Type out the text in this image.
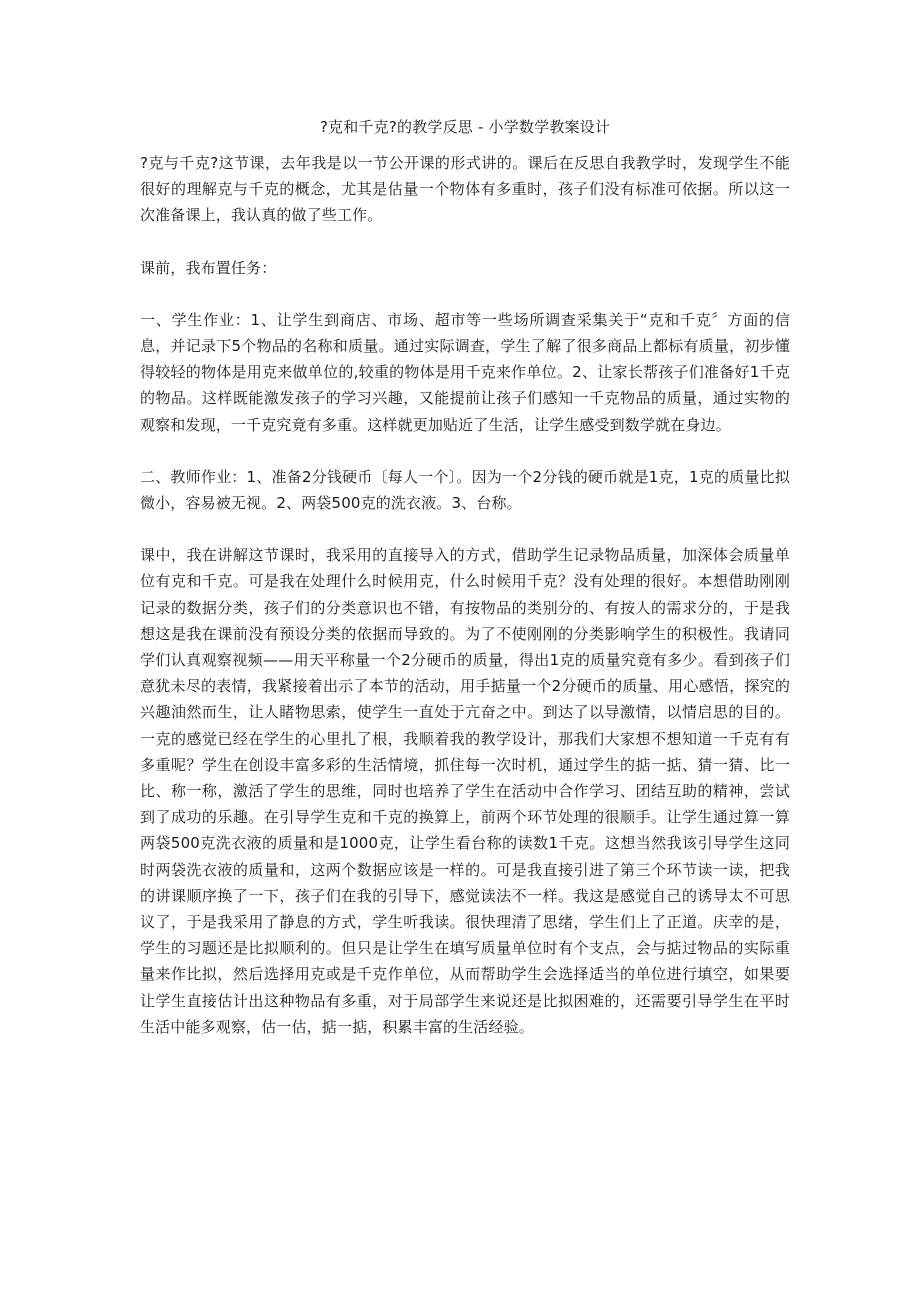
?克和千克?的教学反思 - 小学数学教案设计

?克与千克?这节课，去年我是以一节公开课的形式讲的。课后在反思自我教学时，发现学生不能很好的理解克与千克的概念，尤其是估量一个物体有多重时，孩子们没有标准可依据。所以这一次准备课上，我认真的做了些工作。

课前，我布置任务：

一、学生作业：1、让学生到商店、市场、超市等一些场所调查采集关于“克和千克〞方面的信息，并记录下5个物品的名称和质量。通过实际调查，学生了解了很多商品上都标有质量，初步懂得较轻的物体是用克来做单位的,较重的物体是用千克来作单位。2、让家长帮孩子们准备好1千克的物品。这样既能激发孩子的学习兴趣，又能提前让孩子们感知一千克物品的质量，通过实物的观察和发现，一千克究竟有多重。这样就更加贴近了生活，让学生感受到数学就在身边。

二、教师作业：1、准备2分钱硬币〔每人一个〕。因为一个2分钱的硬币就是1克，1克的质量比拟微小，容易被无视。2、两袋500克的洗衣液。3、台称。

课中，我在讲解这节课时，我采用的直接导入的方式，借助学生记录物品质量，加深体会质量单位有克和千克。可是我在处理什么时候用克，什么时候用千克？没有处理的很好。本想借助刚刚记录的数据分类，孩子们的分类意识也不错，有按物品的类别分的、有按人的需求分的，于是我想这是我在课前没有预设分类的依据而导致的。为了不使刚刚的分类影响学生的积极性。我请同学们认真观察视频——用天平称量一个2分硬币的质量，得出1克的质量究竟有多少。看到孩子们意犹未尽的表情，我紧接着出示了本节的活动，用手掂量一个2分硬币的质量、用心感悟，探究的兴趣油然而生，让人睹物思索，使学生一直处于亢奋之中。到达了以导激情，以情启思的目的。一克的感觉已经在学生的心里扎了根，我顺着我的教学设计，那我们大家想不想知道一千克有有多重呢？学生在创设丰富多彩的生活情境，抓住每一次时机，通过学生的掂一掂、猜一猜、比一比、称一称，激活了学生的思维，同时也培养了学生在活动中合作学习、团结互助的精神，尝试到了成功的乐趣。在引导学生克和千克的换算上，前两个环节处理的很顺手。让学生通过算一算两袋500克洗衣液的质量和是1000克，让学生看台称的读数1千克。这想当然我该引导学生这同时两袋洗衣液的质量和，这两个数据应该是一样的。可是我直接引进了第三个环节读一读，把我的讲课顺序换了一下，孩子们在我的引导下，感觉读法不一样。我这是感觉自己的诱导太不可思议了，于是我采用了静息的方式，学生听我读。很快理清了思绪，学生们上了正道。庆幸的是，学生的习题还是比拟顺利的。但只是让学生在填写质量单位时有个支点，会与掂过物品的实际重量来作比拟，然后选择用克或是千克作单位，从而帮助学生会选择适当的单位进行填空，如果要让学生直接估计出这种物品有多重，对于局部学生来说还是比拟困难的，还需要引导学生在平时生活中能多观察，估一估，掂一掂，积累丰富的生活经验。
